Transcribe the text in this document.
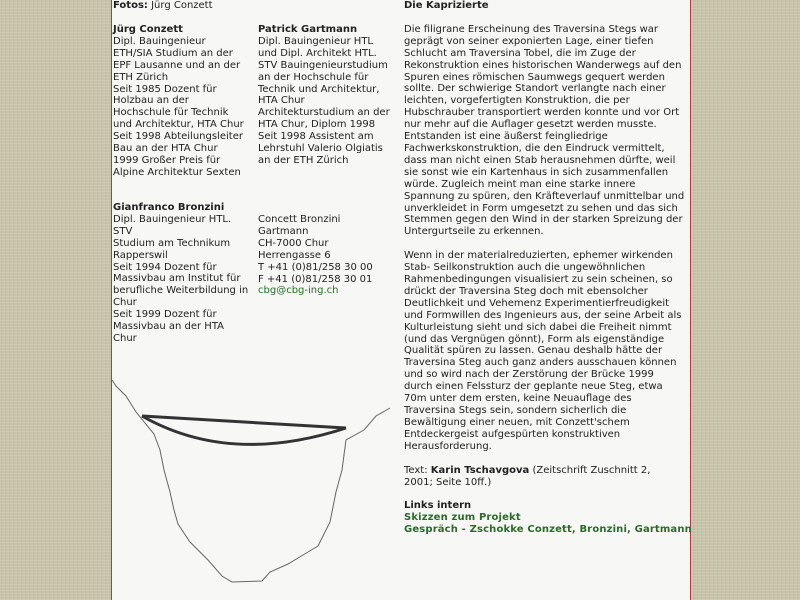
Fotos: Jürg Conzett

Jürg Conzett

Dipl. Bauingenieur

ETH/SIA Studium an der

EPF Lausanne und an der

ETH Zürich

Seit 1985 Dozent für

Holzbau an der

Hochschule für Technik

und Architektur, HTA Chur

Seit 1998 Abteilungsleiter

Bau an der HTA Chur

1999 Großer Preis für

Alpine Architektur Sexten

Patrick Gartmann

Dipl. Bauingenieur HTL

und Dipl. Architekt HTL.

STV Bauingenieurstudium

an der Hochschule für

Technik und Architektur,

HTA Chur

Architekturstudium an der

HTA Chur, Diplom 1998

Seit 1998 Assistent am

Lehrstuhl Valerio Olgiatis

an der ETH Zürich

Gianfranco Bronzini

Dipl. Bauingenieur HTL.

STV

Studium am Technikum

Rapperswil

Seit 1994 Dozent für

Massivbau am Institut für

berufliche Weiterbildung in

Chur

Seit 1999 Dozent für

Massivbau an der HTA

Chur

Concett Bronzini

Gartmann

CH-7000 Chur

Herrengasse 6

T +41 (0)81/258 30 00

F +41 (0)81/258 30 01

cbg@cbg-ing.ch

Die Kaprizierte

Die filigrane Erscheinung des Traversina Stegs war

geprägt von seiner exponierten Lage, einer tiefen

Schlucht am Traversina Tobel, die im Zuge der

Rekonstruktion eines historischen Wanderwegs auf den

Spuren eines römischen Saumwegs gequert werden

sollte. Der schwierige Standort verlangte nach einer

leichten, vorgefertigten Konstruktion, die per

Hubschrauber transportiert werden konnte und vor Ort

nur mehr auf die Auflager gesetzt werden musste.

Entstanden ist eine äußerst feingliedrige

Fachwerkskonstruktion, die den Eindruck vermittelt,

dass man nicht einen Stab herausnehmen dürfte, weil

sie sonst wie ein Kartenhaus in sich zusammenfallen

würde. Zugleich meint man eine starke innere

Spannung zu spüren, den Kräfteverlauf unmittelbar und

unverkleidet in Form umgesetzt zu sehen und das sich

Stemmen gegen den Wind in der starken Spreizung der

Untergurtseile zu erkennen.

Wenn in der materialreduzierten, ephemer wirkenden

Stab- Seilkonstruktion auch die ungewöhnlichen

Rahmenbedingungen visualisiert zu sein scheinen, so

drückt der Traversina Steg doch mit ebensolcher

Deutlichkeit und Vehemenz Experimentierfreudigkeit

und Formwillen des Ingenieurs aus, der seine Arbeit als

Kulturleistung sieht und sich dabei die Freiheit nimmt

(und das Vergnügen gönnt), Form als eigenständige

Qualität spüren zu lassen. Genau deshalb hätte der

Traversina Steg auch ganz anders ausschauen können

und so wird nach der Zerstörung der Brücke 1999

durch einen Felssturz der geplante neue Steg, etwa

70m unter dem ersten, keine Neuauflage des

Traversina Stegs sein, sondern sicherlich die

Bewältigung einer neuen, mit Conzett'schem

Entdeckergeist aufgespürten konstruktiven

Herausforderung.

Text: Karin Tschavgova (Zeitschrift Zuschnitt 2,

2001; Seite 10ff.)

Links intern

Skizzen zum Projekt

Gespräch - Zschokke Conzett, Bronzini, Gartmann
